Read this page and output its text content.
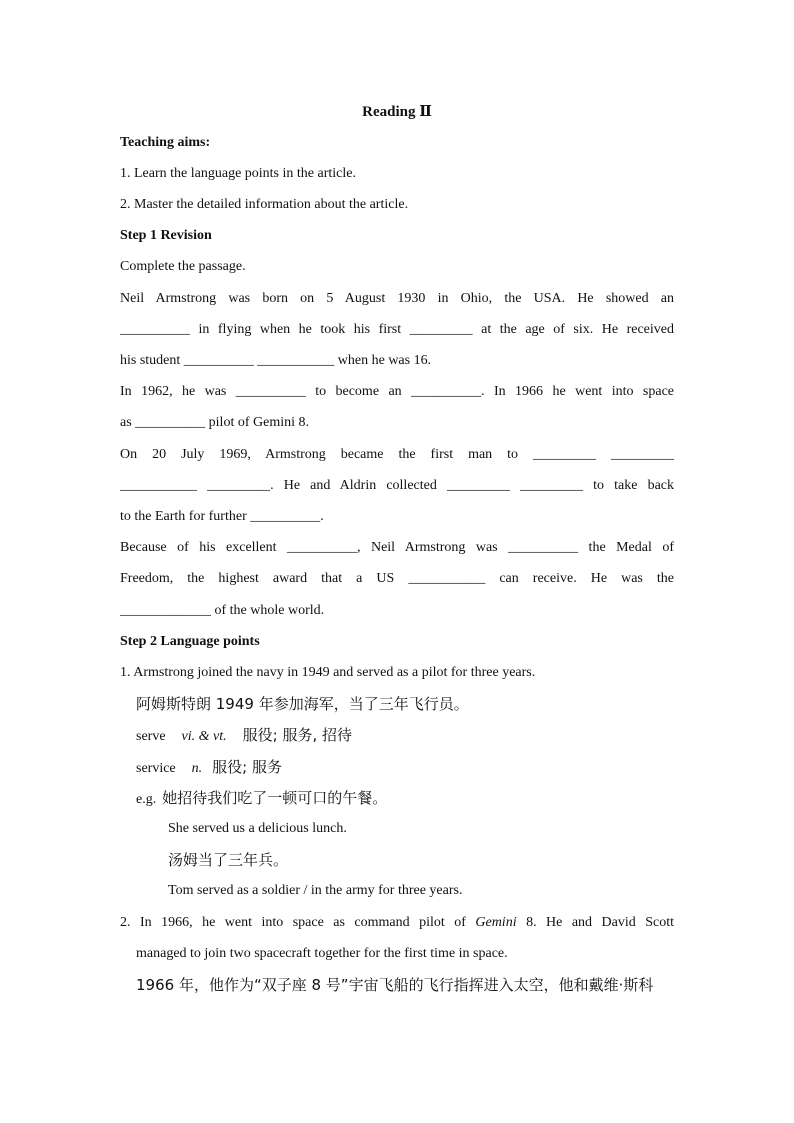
Reading Ⅱ
Teaching aims:
1. Learn the language points in the article.
2. Master the detailed information about the article.
Step 1 Revision
Complete the passage.
Neil Armstrong was born on 5 August 1930 in Ohio, the USA. He showed an
__________ in flying when he took his first _________ at the age of six. He received
his student __________ ___________ when he was 16.
In 1962, he was __________ to become an __________. In 1966 he went into space
as __________ pilot of Gemini 8.
On 20 July 1969, Armstrong became the first man to _________ _________
___________ _________. He and Aldrin collected _________ _________ to take back
to the Earth for further __________.
Because of his excellent __________, Neil Armstrong was __________ the Medal of
Freedom, the highest award that a US ___________ can receive. He was the
_____________ of the whole world.
Step 2 Language points
1. Armstrong joined the navy in 1949 and served as a pilot for three years.
阿姆斯特朗 1949 年参加海军，当了三年飞行员。
serve vi. & vt. 服役; 服务, 招待
service n. 服役; 服务
e.g. 她招待我们吃了一顿可口的午餐。
She served us a delicious lunch.
汤姆当了三年兵。
Tom served as a soldier / in the army for three years.
2. In 1966, he went into space as command pilot of Gemini 8. He and David Scott
managed to join two spacecraft together for the first time in space.
1966 年，他作为“双子座 8 号”宇宙飞船的飞行指挥进入太空，他和戴维·斯科
